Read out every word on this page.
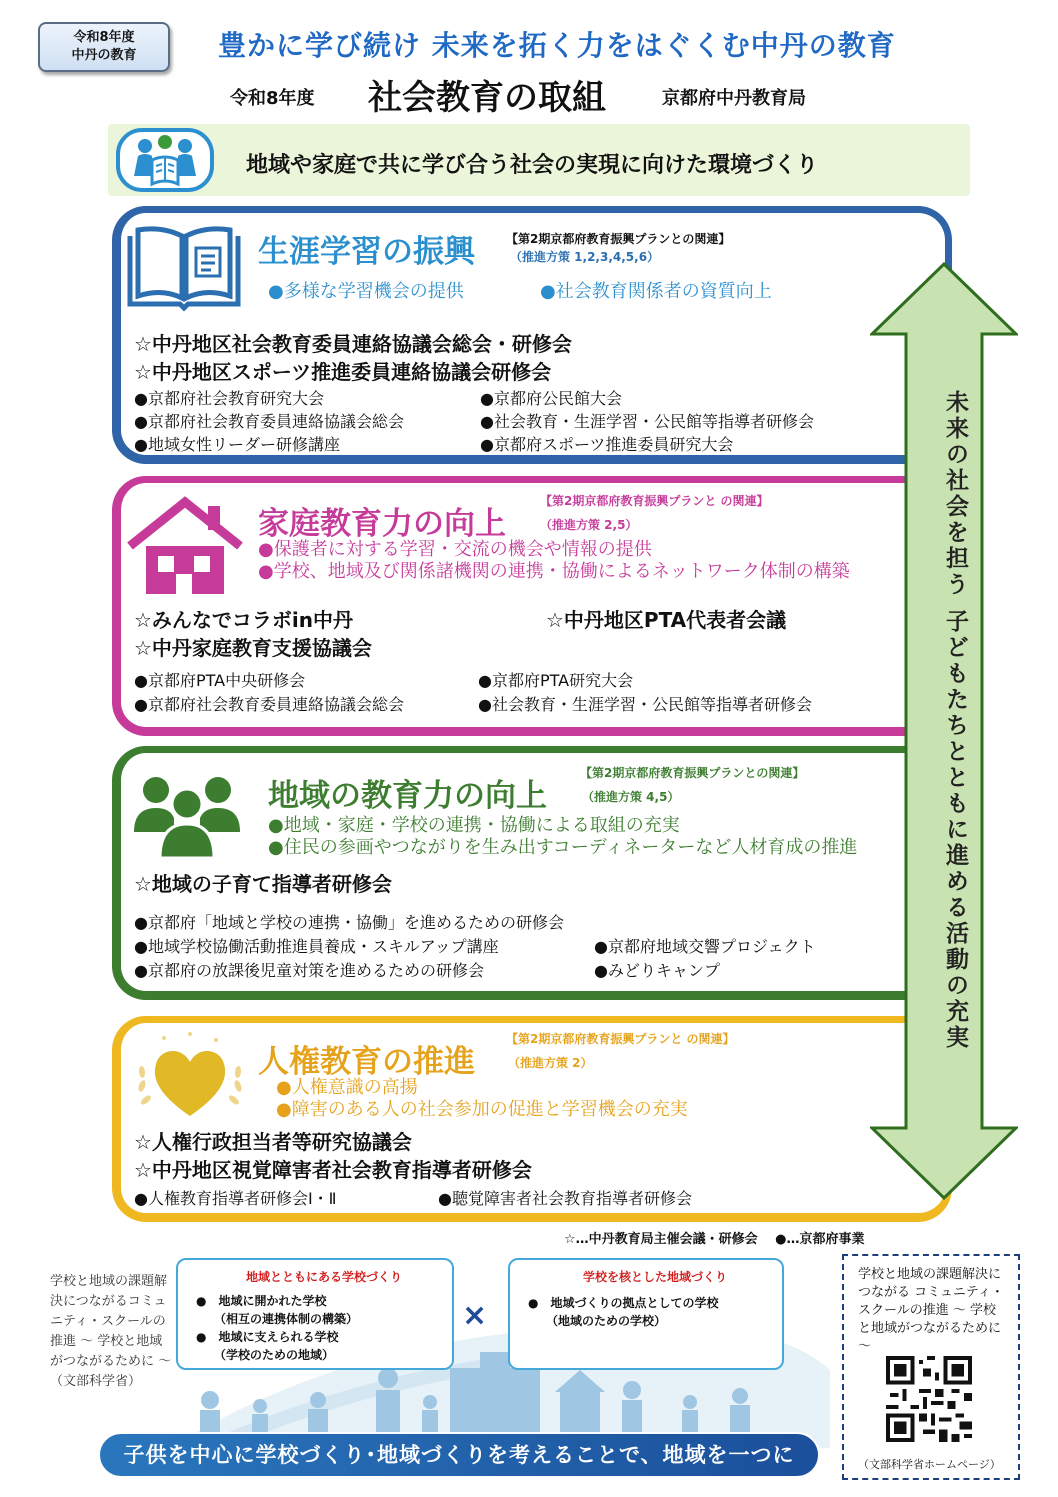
令和8年度
中丹の教育	豊かに学び続け 未来を拓く力をはぐくむ中丹の教育
令和8年度 社会教育の取組	京都府中丹教育局
地域や家庭で共に学び合う社会の実現に向けた環境づくり
生涯学習の振興	【第2期京都府教育振興プランとの関連】
（推進方策 1,2,3,4,5,6）
●多様な学習機会の提供	●社会教育関係者の資質向上
☆中丹地区社会教育委員連絡協議会総会・研修会
☆中丹地区スポーツ推進委員連絡協議会研修会
●京都府社会教育研究大会
●京都府社会教育委員連絡協議会総会
●地域女性リーダー研修講座
●京都府公民館大会
●社会教育・生涯学習・公民館等指導者研修会
●京都府スポーツ推進委員研究大会
家庭教育力の向上
【第2期京都府教育振興プランと の関連】
（推進方策 2,5）
●保護者に対する学習・交流の機会や情報の提供
●学校、地域及び関係諸機関の連携・協働によるネットワーク体制の構築
☆みんなでコラボin中丹	☆中丹地区PTA代表者会議
☆中丹家庭教育支援協議会
●京都府PTA中央研修会
●京都府社会教育委員連絡協議会総会
●京都府PTA研究大会
●社会教育・生涯学習・公民館等指導者研修会
地域の教育力の向上
【第2期京都府教育振興プランとの関連】
（推進方策 4,5）
●地域・家庭・学校の連携・協働による取組の充実
●住民の参画やつながりを生み出すコーディネーターなど人材育成の推進
☆地域の子育て指導者研修会
●京都府「地域と学校の連携・協働」を進めるための研修会
●地域学校協働活動推進員養成・スキルアップ講座	●京都府地域交響プロジェクト
●京都府の放課後児童対策を進めるための研修会	●みどりキャンプ
人権教育の推進
【第2期京都府教育振興プランと の関連】
（推進方策 2）
●人権意識の高揚
●障害のある人の社会参加の促進と学習機会の充実
☆人権行政担当者等研究協議会
☆中丹地区視覚障害者社会教育指導者研修会
●人権教育指導者研修会Ⅰ・Ⅱ	●聴覚障害者社会教育指導者研修会
未来の社会を担う 子どもたちとともに進める活動の充実
☆…中丹教育局主催会議・研修会　 ●…京都府事業
学校と地域の課題解決につながるコミュニティ・スクールの推進 〜 学校と地域がつながるために 〜（文部科学省）
地域とともにある学校づくり
●　地域に開かれた学校
（相互の連携体制の構築）
●　地域に支えられる学校
（学校のための地域）
×
学校を核とした地域づくり
●　地域づくりの拠点としての学校
（地域のための学校）
子供を中心に学校づくり･地域づくりを考えることで、地域を一つに
学校と地域の課題解決につながる コミュニティ・スクールの推進 〜 学校と地域がつながるために 〜
（文部科学省ホームページ）
